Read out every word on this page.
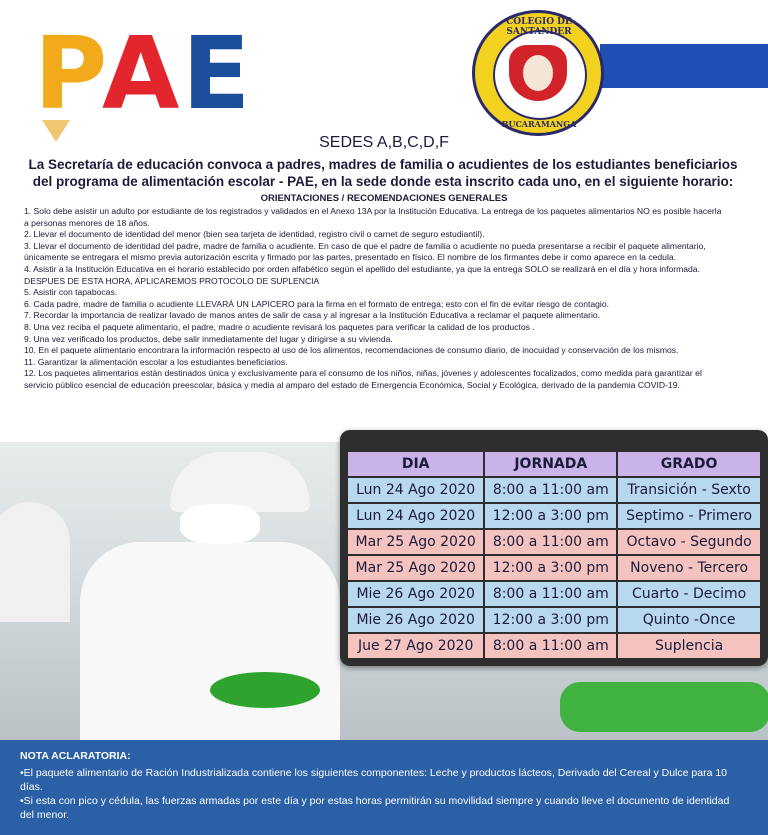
P
A E	COLEGIO DE SANTANDER
BUCARAMANGA
SEDES A,B,C,D,F
La Secretaría de educación convoca a padres, madres de familia o acudientes de los estudiantes beneficiarios del programa de alimentación escolar - PAE, en la sede donde esta inscrito cada uno, en el siguiente horario:
ORIENTACIONES / RECOMENDACIONES GENERALES

1. Solo debe asistir un adulto por estudiante de los registrados y validados en el Anexo 13A por la Institución Educativa. La entrega de los paquetes alimentarios NO es posible hacerla a personas menores de 18 años.

2. Llevar el documento de identidad del menor (bien sea tarjeta de identidad, registro civil o carnet de seguro estudiantil).

3. Llevar el documento de identidad del padre, madre de familia o acudiente. En caso de que el padre de familia o acudiente no pueda presentarse a recibir el paquete alimentario, únicamente se entregara el mismo previa autorización escrita y firmado por las partes, presentado en físico. El nombre de los firmantes debe ir como aparece en la cedula.

4. Asistir a la Institución Educativa en el horario establecido por orden alfabético según el apellido del estudiante, ya que la entrega SOLO se realizará en el día y hora informada. DESPUES DE ESTA HORA, APLICAREMOS PROTOCOLO DE SUPLENCIA

5. Asistir con tapabocas.

6. Cada padre, madre de familia o acudiente LLEVARÁ UN LAPICERO para la firma en el formato de entrega; esto con el fin de evitar riesgo de contagio.

7. Recordar la importancia de realizar lavado de manos antes de salir de casa y al ingresar a la Institución Educativa a reclamar el paquete alimentario.

8. Una vez reciba el paquete alimentario, el padre, madre o acudiente revisará los paquetes para verificar la calidad de los productos .

9. Una vez verificado los productos, debe salir inmediatamente del lugar y dirigirse a su vivienda.

10. En el paquete alimentario encontrara la información respecto al uso de los alimentos, recomendaciones de consumo diario, de inocuidad y conservación de los mismos.

11. Garantizar la alimentación escolar a los estudiantes beneficiarios.

12. Los paquetes alimentarios están destinados única y exclusivamente para el consumo de los niños, niñas, jóvenes y adolescentes focalizados, como medida para garantizar el servicio público esencial de educación preescolar, básica y media al amparo del estado de Emergencia Económica, Social y Ecológica, derivado de la pandemia COVID-19.

DIA	JORNADA	GRADO
Lun 24 Ago 2020	8:00 a 11:00 am	Transición - Sexto
Lun 24 Ago 2020	12:00 a 3:00 pm	Septimo - Primero
Mar 25 Ago 2020	8:00 a 11:00 am	Octavo - Segundo
Mar 25 Ago 2020	12:00 a 3:00 pm	Noveno - Tercero
Mie 26 Ago 2020	8:00 a 11:00 am	Cuarto - Decimo
Mie 26 Ago 2020	12:00 a 3:00 pm	Quinto -Once
Jue 27 Ago 2020	8:00 a 11:00 am	Suplencia
NOTA ACLARATORIA:
•El paquete alimentario de Ración Industrializada contiene los siguientes componentes: Leche y productos lácteos, Derivado del Cereal y Dulce para 10 días.
•Si esta con pico y cédula, las fuerzas armadas por este día y por estas horas permitirán su movilidad siempre y cuando lleve el documento de identidad del menor.
